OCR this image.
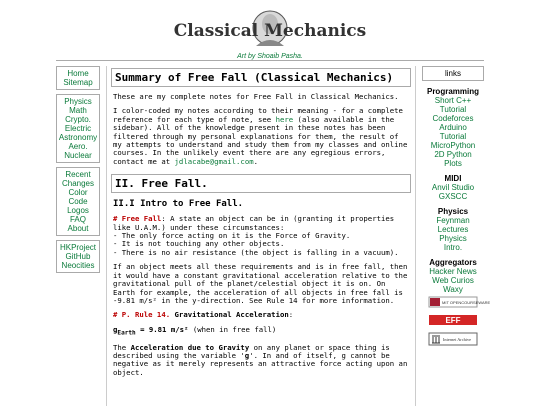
Classical Mechanics
Art by Shoaib Pasha.
Home
Sitemap
Physics
Math
Crypto.
Electric
Astronomy
Aero.
Nuclear
Recent
Changes
Color
Code
Logos
FAQ
About
HKProject
GitHub
Neocities
Summary of Free Fall (Classical Mechanics)
These are my complete notes for Free Fall in Classical Mechanics.
I color-coded my notes according to their meaning - for a complete reference for each type of note, see here (also available in the sidebar). All of the knowledge present in these notes has been filtered through my personal explanations for them, the result of my attempts to understand and study them from my classes and online courses. In the unlikely event there are any egregious errors, contact me at jdlacabe@gmail.com.
II. Free Fall.
II.I Intro to Free Fall.
# Free Fall: A state an object can be in (granting it properties like U.A.M.) under these circumstances:
- The only force acting on it is the Force of Gravity.
- It is not touching any other objects.
- There is no air resistance (the object is falling in a vacuum).
If an object meets all these requirements and is in free fall, then it would have a constant gravitational acceleration relative to the gravitational pull of the planet/celestial object it is on. On Earth for example, the acceleration of all objects in free fall is -9.81 m/s² in the y-direction. See Rule 14 for more information.
# P. Rule 14. Gravitational Acceleration:
$g_{Earth} = 9.81$ m/s² (when in free fall)
The Acceleration due to Gravity on any planet or space thing is described using the variable 'g'. In and of itself, g cannot be negative as it merely represents an attractive force acting upon an object.
links
Programming
Short C++
Tutorial
Codeforces
Arduino
Tutorial
MicroPython
2D Python
Plots
MIDI
Anvil Studio
GXSCC
Physics
Feynman
Lectures
Physics
Intro.
Aggregators
Hacker News
Web Curios
Waxy
MIT OPENCOURSEWARE

EFF

Internet Archive
